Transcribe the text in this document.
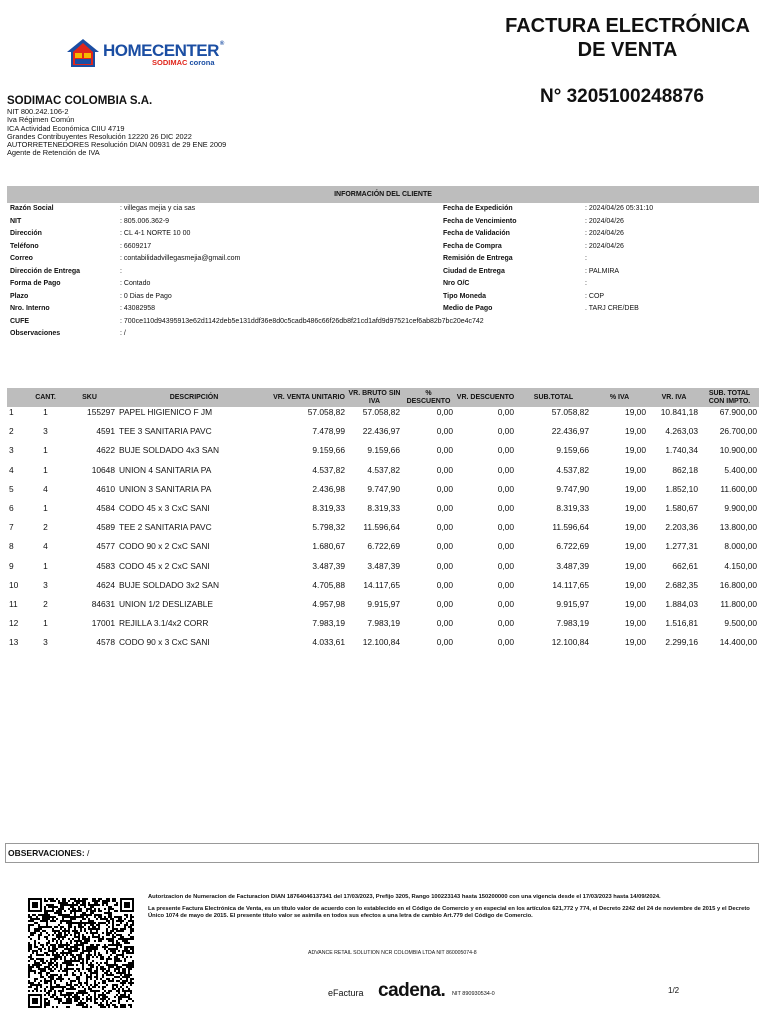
HOMECENTER®
SODIMAC corona
FACTURA ELECTRÓNICA DE VENTA
N° 3205100248876
SODIMAC COLOMBIA S.A.
NIT 800.242.106-2
Iva Régimen Común
ICA Actividad Económica CIIU 4719
Grandes Contribuyentes Resolución 12220 26 DIC 2022
AUTORRETENEDORES Resolución DIAN 00931 de 29 ENE 2009
Agente de Retención de IVA
INFORMACIÓN DEL CLIENTE
Razón Social	: villegas mejia y cia sas	Fecha de Expedición	: 2024/04/26 05:31:10
NIT	: 805.006.362-9	Fecha de Vencimiento	: 2024/04/26
Dirección	: CL 4-1 NORTE 10 00	Fecha de Validación	: 2024/04/26
Teléfono	: 6609217	Fecha de Compra	: 2024/04/26
Correo	: contabilidadvillegasmejia@gmail.com	Remisión de Entrega	:
Dirección de Entrega	:	Ciudad de Entrega	: PALMIRA
Forma de Pago	: Contado	Nro O/C	:
Plazo	: 0 Dias de Pago	Tipo Moneda	: COP
Nro. Interno	: 43082958	Medio de Pago	. TARJ CRE/DEB
CUFE	: 700ce110d94395913e62d1142deb5e131ddf36e8d0c5cadb486c66f26db8f21cd1afd9d97521cef6ab82b7bc20e4c742
Observaciones	: /
	CANT.	SKU	DESCRIPCIÓN	VR. VENTA UNITARIO	VR. BRUTO SIN IVA	% DESCUENTO	VR. DESCUENTO	SUB.TOTAL	% IVA	VR. IVA	SUB. TOTAL CON IMPTO.
1	1	155297	PAPEL HIGIENICO F JM	57.058,82	57.058,82	0,00	0,00	57.058,82	19,00	10.841,18	67.900,00
2	3	4591	TEE 3 SANITARIA PAVC	7.478,99	22.436,97	0,00	0,00	22.436,97	19,00	4.263,03	26.700,00
3	1	4622	BUJE SOLDADO 4x3 SAN	9.159,66	9.159,66	0,00	0,00	9.159,66	19,00	1.740,34	10.900,00
4	1	10648	UNION 4 SANITARIA PA	4.537,82	4.537,82	0,00	0,00	4.537,82	19,00	862,18	5.400,00
5	4	4610	UNION 3 SANITARIA PA	2.436,98	9.747,90	0,00	0,00	9.747,90	19,00	1.852,10	11.600,00
6	1	4584	CODO 45 x 3 CxC SANI	8.319,33	8.319,33	0,00	0,00	8.319,33	19,00	1.580,67	9.900,00
7	2	4589	TEE 2 SANITARIA PAVC	5.798,32	11.596,64	0,00	0,00	11.596,64	19,00	2.203,36	13.800,00
8	4	4577	CODO 90 x 2 CxC SANI	1.680,67	6.722,69	0,00	0,00	6.722,69	19,00	1.277,31	8.000,00
9	1	4583	CODO 45 x 2 CxC SANI	3.487,39	3.487,39	0,00	0,00	3.487,39	19,00	662,61	4.150,00
10	3	4624	BUJE SOLDADO 3x2 SAN	4.705,88	14.117,65	0,00	0,00	14.117,65	19,00	2.682,35	16.800,00
11	2	84631	UNION 1/2 DESLIZABLE	4.957,98	9.915,97	0,00	0,00	9.915,97	19,00	1.884,03	11.800,00
12	1	17001	REJILLA 3.1/4x2 CORR	7.983,19	7.983,19	0,00	0,00	7.983,19	19,00	1.516,81	9.500,00
13	3	4578	CODO 90 x 3 CxC SANI	4.033,61	12.100,84	0,00	0,00	12.100,84	19,00	2.299,16	14.400,00
OBSERVACIONES: /

Autorizacion de Numeracion de Facturacion DIAN 18764046137341 del 17/03/2023, Prefijo 3205, Rango 100223143 hasta 150200000 con una vigencia desde el 17/03/2023 hasta 14/09/2024.

La presente Factura Electrónica de Venta, es un título valor de acuerdo con lo establecido en el Código de Comercio y en especial en los artículos 621,772 y 774, el Decreto 2242 del 24 de noviembre de 2015 y el Decreto Único 1074 de mayo de 2015. El presente título valor se asimila en todos sus efectos a una letra de cambio Art.779 del Código de Comercio.

ADVANCE RETAIL SOLUTION NCR COLOMBIA LTDA NIT 860005074-8
eFactura cadena. NIT 890930534-0	1/2
